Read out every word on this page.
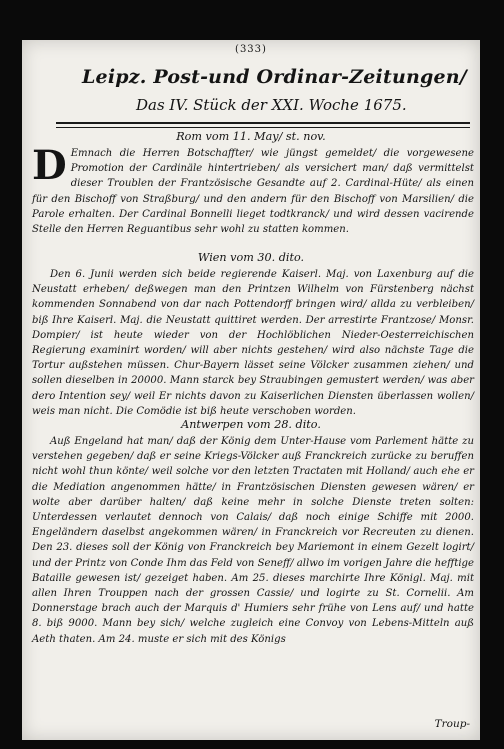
(333)
Leipz. Post-und Ordinar-Zeitungen/
Das IV. Stück der XXI. Woche 1675.
Rom vom 11. May/ st. nov.
D Emnach die Herren Botschaffter/ wie jüngst gemeldet/ die vorgewesene Promotion der Cardinäle hintertrieben/ als versichert man/ daß vermittelst dieser Troublen der Frantzösische Gesandte auf 2. Cardinal-Hüte/ als einen für den Bischoff von Straßburg/ und den andern für den Bischoff von Marsilien/ die Parole erhalten. Der Cardinal Bonnelli lieget todtkranck/ und wird dessen vacirende Stelle den Herren Reguantibus sehr wohl zu statten kommen.
Wien vom 30. dito.
Den 6. Junii werden sich beide regierende Kaiserl. Maj. von Laxenburg auf die Neustatt erheben/ deßwegen man den Printzen Wilhelm von Fürstenberg nächst kommenden Sonnabend von dar nach Pottendorff bringen wird/ allda zu verbleiben/ biß Ihre Kaiserl. Maj. die Neustatt quittiret werden. Der arrestirte Frantzose/ Monsr. Dompier/ ist heute wieder von der Hochlöblichen Nieder-Oesterreichischen Regierung examinirt worden/ will aber nichts gestehen/ wird also nächste Tage die Tortur außstehen müssen. Chur-Bayern lässet seine Völcker zusammen ziehen/ und sollen dieselben in 20000. Mann starck bey Straubingen gemustert werden/ was aber dero Intention sey/ weil Er nichts davon zu Kaiserlichen Diensten überlassen wollen/ weis man nicht. Die Comödie ist biß heute verschoben worden.
Antwerpen vom 28. dito.
Auß Engeland hat man/ daß der König dem Unter-Hause vom Parlement hätte zu verstehen gegeben/ daß er seine Kriegs-Völcker auß Franckreich zurücke zu beruffen nicht wohl thun könte/ weil solche vor den letzten Tractaten mit Holland/ auch ehe er die Mediation angenommen hätte/ in Frantzösischen Diensten gewesen wären/ er wolte aber darüber halten/ daß keine mehr in solche Dienste treten solten: Unterdessen verlautet dennoch von Calais/ daß noch einige Schiffe mit 2000. Engeländern daselbst angekommen wären/ in Franckreich vor Recreuten zu dienen. Den 23. dieses soll der König von Franckreich bey Mariemont in einem Gezelt logirt/ und der Printz von Conde Ihm das Feld von Seneff/ allwo im vorigen Jahre die hefftige Bataille gewesen ist/ gezeiget haben. Am 25. dieses marchirte Ihre Königl. Maj. mit allen Ihren Trouppen nach der grossen Cassie/ und logirte zu St. Cornelii. Am Donnerstage brach auch der Marquis d' Humiers sehr frühe von Lens auf/ und hatte 8. biß 9000. Mann bey sich/ welche zugleich eine Convoy von Lebens-Mitteln auß Aeth thaten. Am 24. muste er sich mit des Königs
Troup-
